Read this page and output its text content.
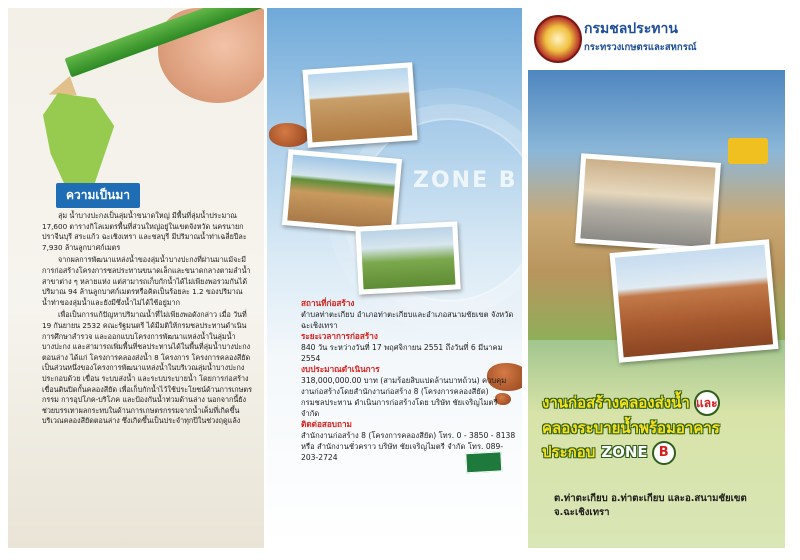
ความเป็นมา

ลุ่ม น้ำบางปะกงเป็นลุ่มน้ำขนาดใหญ่ มีพื้นที่ลุ่มน้ำประมาณ 17,600 ตารางกิโลเมตรพื้นที่ส่วนใหญ่อยู่ในเขตจังหวัด นครนายก ปราจีนบุรี สระแก้ว ฉะเชิงเทรา และชลบุรี มีปริมาณน้ำท่าเฉลี่ยปีละ 7,930 ล้านลูกบาศก์เมตร

จากผลการพัฒนาแหล่งน้ำของลุ่มน้ำบางปะกงที่ผ่านมาแม้จะมีการก่อสร้างโครงการชลประทานขนาดเล็กและขนาดกลางตามลำน้ำสาขาต่าง ๆ หลายแห่ง แต่สามารถเก็บกักน้ำได้ไม่เพียงพอรวมกันได้ปริมาณ 94 ล้านลูกบาศก์เมตรหรือคิดเป็นร้อยละ 1.2 ของปริมาณน้ำท่าของลุ่มน้ำและยังมีซึ่งน้ำไม่ได้ใช้อยู่มาก

เพื่อเป็นการแก้ปัญหาปริมาณน้ำที่ไม่เพียงพอดังกล่าว เมื่อ วันที่ 19 กันยายน 2532 คณะรัฐมนตรี ได้มีมติให้กรมชลประทานดำเนินการศึกษาสำรวจ และออกแบบโครงการพัฒนาแหล่งน้ำในลุ่มน้ำบางปะกง และสามารถเพิ่มพื้นที่ชลประทานได้ในพื้นที่ลุ่มน้ำบางปะกงตอนล่าง ได้แก่ โครงการคลองส่งน้ำ 8 โครงการ โครงการคลองสียัด เป็นส่วนหนึ่งของโครงการพัฒนาแหล่งน้ำในบริเวณลุ่มน้ำบางปะกง ประกอบด้วย เขื่อน ระบบส่งน้ำ และระบบระบายน้ำ โดยการก่อสร้างเขื่อนดินปิดกั้นคลองสียัด เพื่อเก็บกักน้ำไว้ใช้ประโยชน์ด้านการเกษตรกรรม การอุปโภค-บริโภค และป้องกันน้ำท่วมด้านล่าง นอกจากนี้ยังช่วยบรรเทาผลกระทบในด้านการเกษตรกรรมจากน้ำเค็มที่เกิดขึ้นบริเวณคลองสียัดตอนล่าง ซึ่งเกิดขึ้นเป็นประจำทุกปีในช่วงฤดูแล้ง

ZONE B
สถานที่ก่อสร้าง

ตำบลท่าตะเกียบ อำเภอท่าตะเกียบและอำเภอสนามชัยเขต จังหวัดฉะเชิงเทรา

ระยะเวลาการก่อสร้าง

840 วัน ระหว่างวันที่ 17 พฤศจิกายน 2551 ถึงวันที่ 6 มีนาคม 2554

งบประมาณดำเนินการ

318,000,000.00 บาท (สามร้อยสิบแปดล้านบาทถ้วน) ควบคุมงานก่อสร้างโดยสำนักงานก่อสร้าง 8 (โครงการคลองสียัด) กรมชลประทาน ดำเนินการก่อสร้างโดย บริษัท ชัยเจริญไมตรี จำกัด

ติดต่อสอบถาม

สำนักงานก่อสร้าง 8 (โครงการคลองสียัด) โทร. 0 - 3850 - 8138 หรือ สำนักงานชั่วคราว บริษัท ชัยเจริญไมตรี จำกัด โทร. 089-203-2724

กรมชลประทาน
กระทรวงเกษตรและสหกรณ์
งานก่อสร้างคลองส่งน้ำ และ
คลองระบายน้ำพร้อมอาคาร
ประกอบ ZONE B
ต.ท่าตะเกียบ อ.ท่าตะเกียบ และอ.สนามชัยเขต
จ.ฉะเชิงเทรา
